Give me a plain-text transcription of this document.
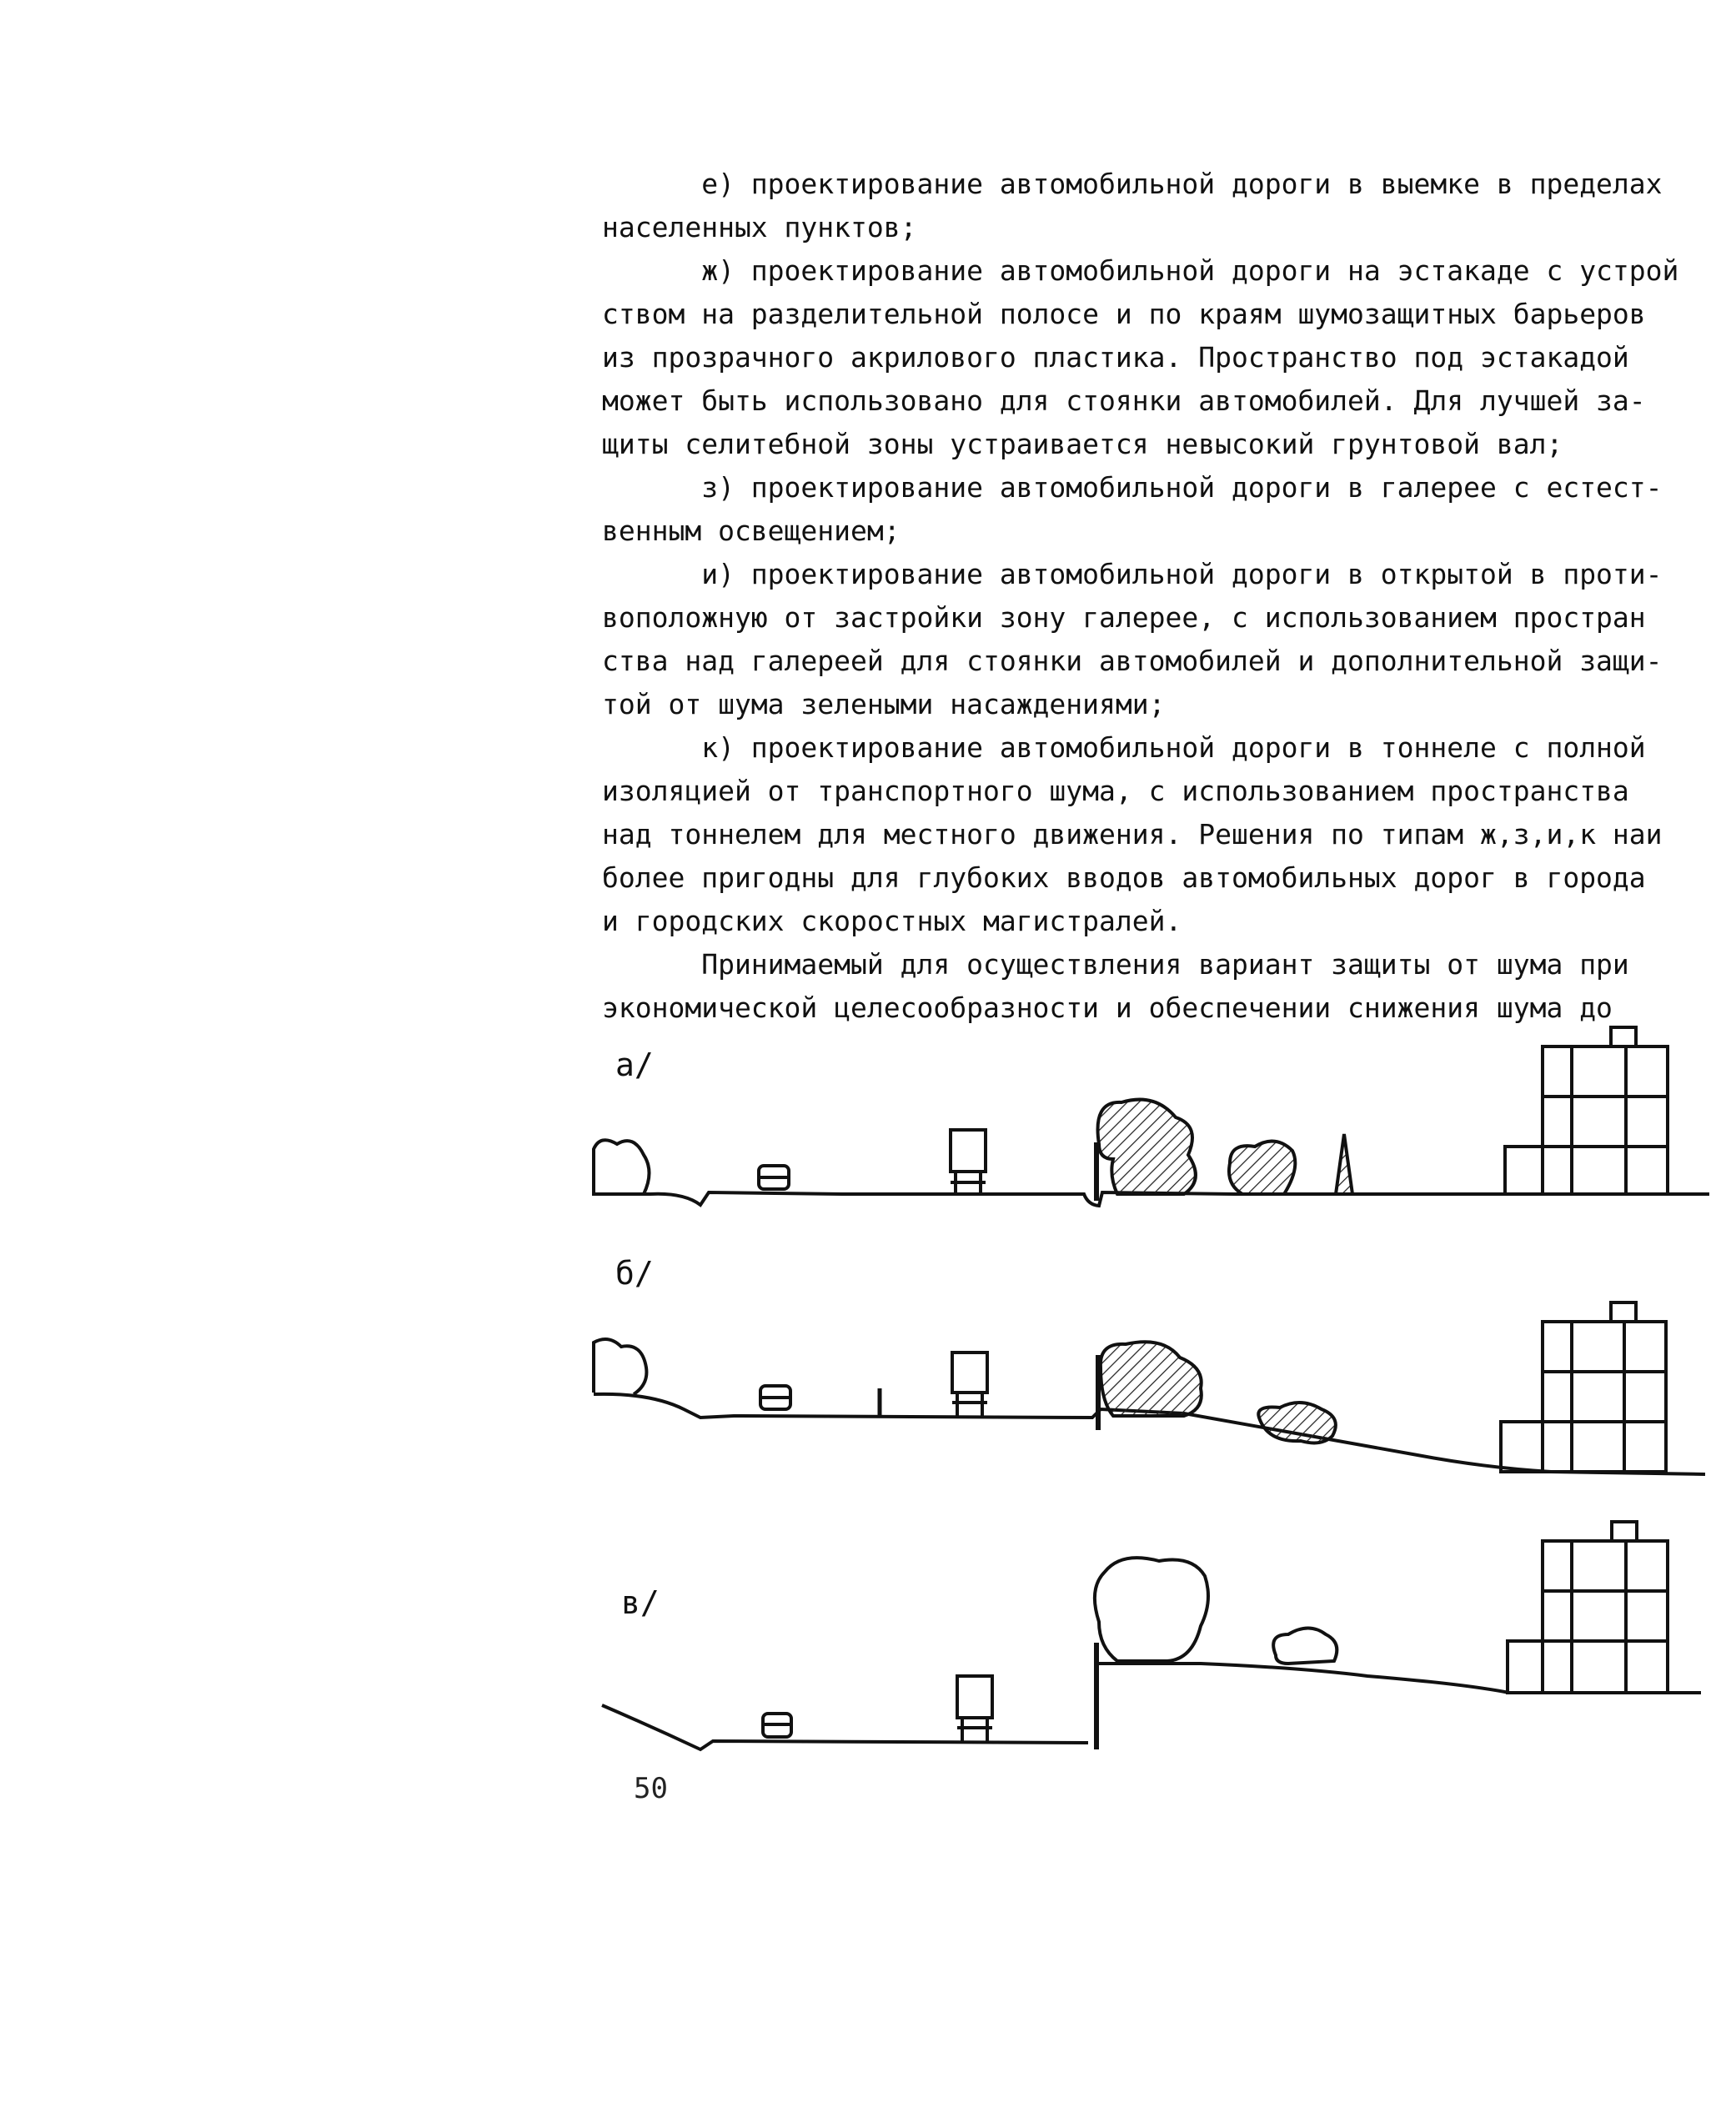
е) проектирование автомобильной дороги в выемке в пределах

населенных пунктов;

ж) проектирование автомобильной дороги на эстакаде с устрой

ством на разделительной полосе и по краям шумозащитных барьеров

из прозрачного акрилового пластика. Пространство под эстакадой

может быть использовано для стоянки автомобилей. Для лучшей за-

щиты селитебной зоны устраивается невысокий грунтовой вал;

з) проектирование автомобильной дороги в галерее с естест-

венным освещением;

и) проектирование автомобильной дороги в открытой в проти-

воположную от застройки зону галерее, с использованием простран

ства над галереей для стоянки автомобилей и дополнительной защи-

той от шума зелеными насаждениями;

к) проектирование автомобильной дороги в тоннеле с полной

изоляцией от транспортного шума, с использованием пространства

над тоннелем для местного движения. Решения по типам ж,з,и,к наи

более пригодны для глубоких вводов автомобильных дорог в города

и городских скоростных магистралей.

Принимаемый для осуществления вариант защиты от шума при

экономической целесообразности и обеспечении снижения шума до

а/
б/
в/
50
